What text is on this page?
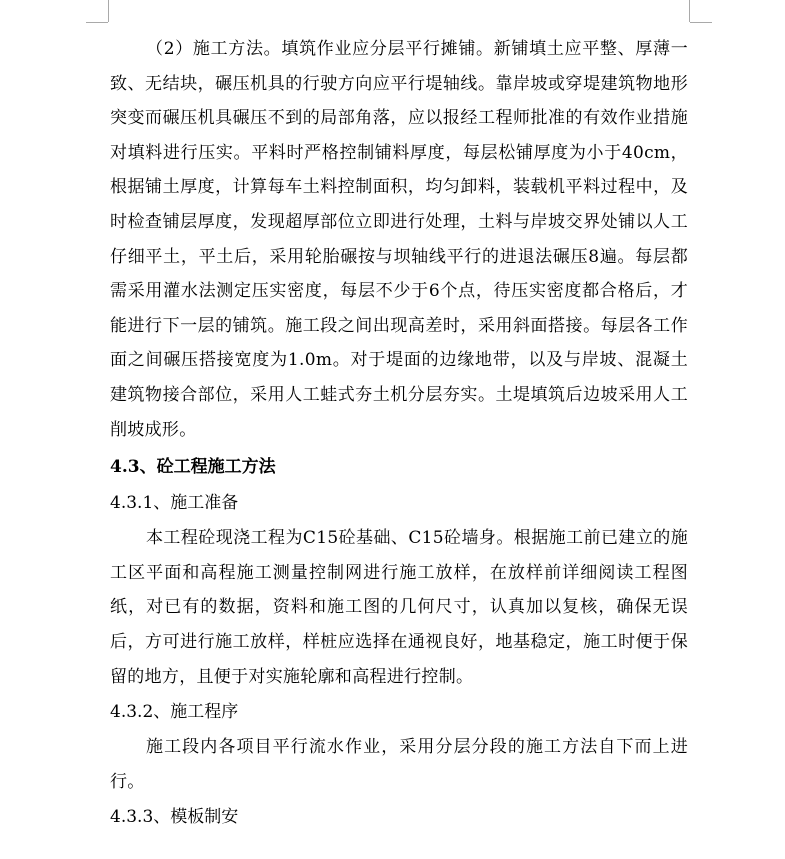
（2）施工方法。填筑作业应分层平行摊铺。新铺填土应平整、厚薄一致、无结块，碾压机具的行驶方向应平行堤轴线。靠岸坡或穿堤建筑物地形突变而碾压机具碾压不到的局部角落，应以报经工程师批准的有效作业措施对填料进行压实。平料时严格控制铺料厚度，每层松铺厚度为小于40cm，根据铺土厚度，计算每车土料控制面积，均匀卸料，装载机平料过程中，及时检查铺层厚度，发现超厚部位立即进行处理，土料与岸坡交界处铺以人工仔细平土，平土后，采用轮胎碾按与坝轴线平行的进退法碾压8遍。每层都需采用灌水法测定压实密度，每层不少于6个点，待压实密度都合格后，才能进行下一层的铺筑。施工段之间出现高差时，采用斜面搭接。每层各工作面之间碾压搭接宽度为1.0m。对于堤面的边缘地带，以及与岸坡、混凝土建筑物接合部位，采用人工蛙式夯土机分层夯实。土堤填筑后边坡采用人工削坡成形。

4.3、砼工程施工方法

4.3.1、施工准备

本工程砼现浇工程为C15砼基础、C15砼墙身。根据施工前已建立的施工区平面和高程施工测量控制网进行施工放样，在放样前详细阅读工程图纸，对已有的数据，资料和施工图的几何尺寸，认真加以复核，确保无误后，方可进行施工放样，样桩应选择在通视良好，地基稳定，施工时便于保留的地方，且便于对实施轮廓和高程进行控制。

4.3.2、施工程序

施工段内各项目平行流水作业，采用分层分段的施工方法自下而上进行。

4.3.3、模板制安
